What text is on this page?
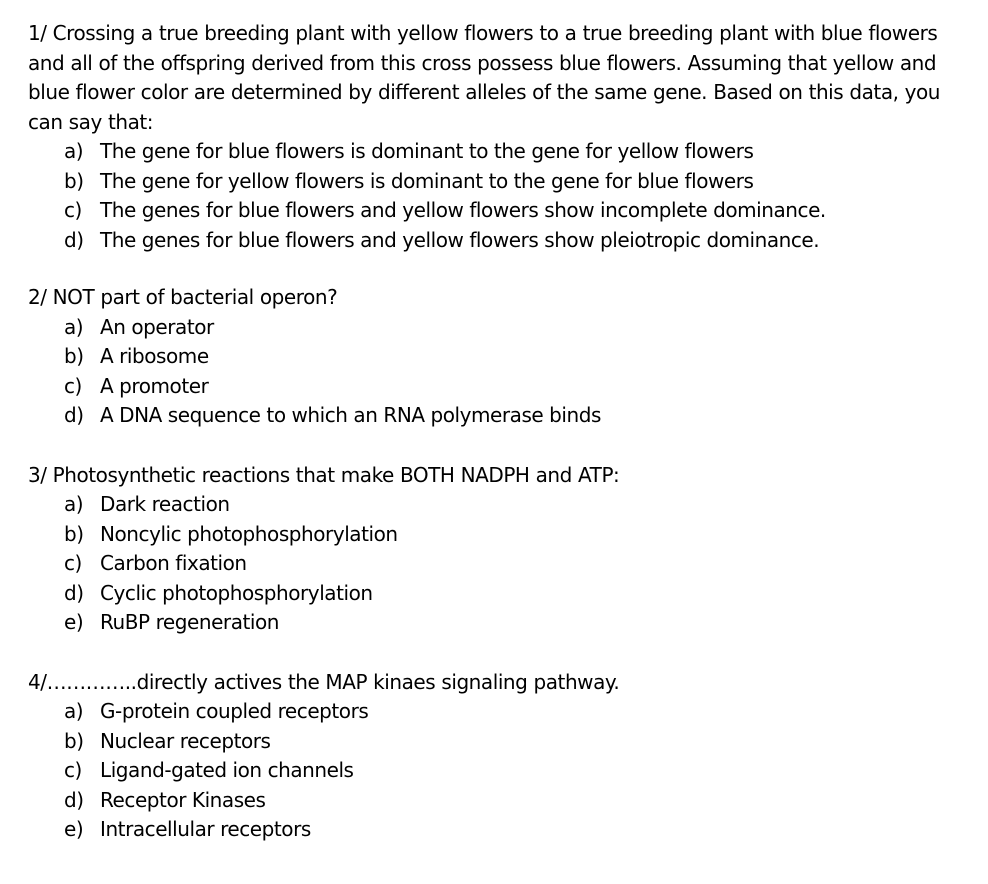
1/ Crossing a true breeding plant with yellow flowers to a true breeding plant with blue flowers and all of the offspring derived from this cross possess blue flowers. Assuming that yellow and blue flower color are determined by different alleles of the same gene. Based on this data, you can say that:

a) The gene for blue flowers is dominant to the gene for yellow flowers
b) The gene for yellow flowers is dominant to the gene for blue flowers
c) The genes for blue flowers and yellow flowers show incomplete dominance.
d) The genes for blue flowers and yellow flowers show pleiotropic dominance.

2/ NOT part of bacterial operon?

a) An operator
b) A ribosome
c) A promoter
d) A DNA sequence to which an RNA polymerase binds

3/ Photosynthetic reactions that make BOTH NADPH and ATP:

a) Dark reaction
b) Noncylic photophosphorylation
c) Carbon fixation
d) Cyclic photophosphorylation
e) RuBP regeneration

4/…………..directly actives the MAP kinaes signaling pathway.

a) G-protein coupled receptors
b) Nuclear receptors
c) Ligand-gated ion channels
d) Receptor Kinases
e) Intracellular receptors
